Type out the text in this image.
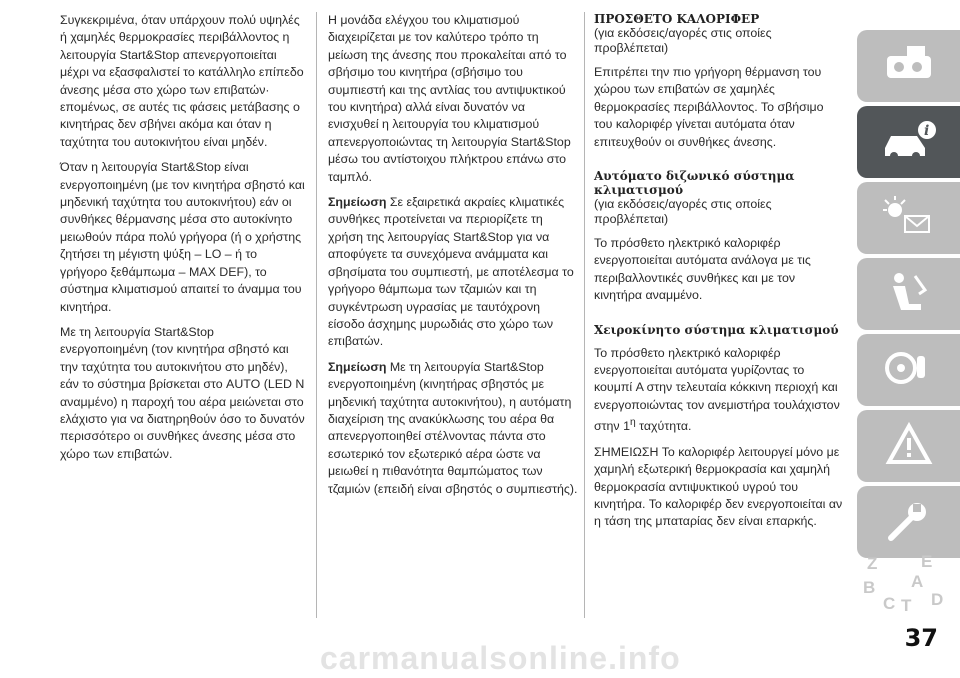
Συγκεκριμένα, όταν υπάρχουν πολύ υψηλές ή χαμηλές θερμοκρασίες περιβάλλοντος η λειτουργία Start&Stop απενεργοποιείται μέχρι να εξασφαλιστεί το κατάλληλο επίπεδο άνεσης μέσα στο χώρο των επιβατών· επομένως, σε αυτές τις φάσεις μετάβασης ο κινητήρας δεν σβήνει ακόμα και όταν η ταχύτητα του αυτοκινήτου είναι μηδέν.

Όταν η λειτουργία Start&Stop είναι ενεργοποιημένη (με τον κινητήρα σβηστό και μηδενική ταχύτητα του αυτοκινήτου) εάν οι συνθήκες θέρμανσης μέσα στο αυτοκίνητο μειωθούν πάρα πολύ γρήγορα (ή ο χρήστης ζητήσει τη μέγιστη ψύξη – LO – ή το γρήγορο ξεθάμπωμα – MAX DEF), το σύστημα κλιματισμού απαιτεί το άναμμα του κινητήρα.

Με τη λειτουργία Start&Stop ενεργοποιημένη (τον κινητήρα σβηστό και την ταχύτητα του αυτοκινήτου στο μηδέν), εάν το σύστημα βρίσκεται στο AUTO (LED N αναμμένο) η παροχή του αέρα μειώνεται στο ελάχιστο για να διατηρηθούν όσο το δυνατόν περισσότερο οι συνθήκες άνεσης μέσα στο χώρο των επιβατών.

Η μονάδα ελέγχου του κλιματισμού διαχειρίζεται με τον καλύτερο τρόπο τη μείωση της άνεσης που προκαλείται από το σβήσιμο του κινητήρα (σβήσιμο του συμπιεστή και της αντλίας του αντιψυκτικού του κινητήρα) αλλά είναι δυνατόν να ενισχυθεί η λειτουργία του κλιματισμού απενεργοποιώντας τη λειτουργία Start&Stop μέσω του αντίστοιχου πλήκτρου επάνω στο ταμπλό.

Σημείωση Σε εξαιρετικά ακραίες κλιματικές συνθήκες προτείνεται να περιορίζετε τη χρήση της λειτουργίας Start&Stop για να αποφύγετε τα συνεχόμενα ανάμματα και σβησίματα του συμπιεστή, με αποτέλεσμα το γρήγορο θάμπωμα των τζαμιών και τη συγκέντρωση υγρασίας με ταυτόχρονη είσοδο άσχημης μυρωδιάς στο χώρο των επιβατών.

Σημείωση Με τη λειτουργία Start&Stop ενεργοποιημένη (κινητήρας σβηστός με μηδενική ταχύτητα αυτοκινήτου), η αυτόματη διαχείριση της ανακύκλωσης του αέρα θα απενεργοποιηθεί στέλνοντας πάντα στο εσωτερικό τον εξωτερικό αέρα ώστε να μειωθεί η πιθανότητα θαμπώματος των τζαμιών (επειδή είναι σβηστός ο συμπιεστής).

ΠΡΟΣΘΕΤΟ ΚΑΛΟΡΙΦΕΡ
(για εκδόσεις/αγορές στις οποίες προβλέπεται)

Επιτρέπει την πιο γρήγορη θέρμανση του χώρου των επιβατών σε χαμηλές θερμοκρασίες περιβάλλοντος. Το σβήσιμο του καλοριφέρ γίνεται αυτόματα όταν επιτευχθούν οι συνθήκες άνεσης.

Αυτόματο διζωνικό σύστημα κλιματισμού
(για εκδόσεις/αγορές στις οποίες προβλέπεται)

Το πρόσθετο ηλεκτρικό καλοριφέρ ενεργοποιείται αυτόματα ανάλογα με τις περιβαλλοντικές συνθήκες και με τον κινητήρα αναμμένο.

Χειροκίνητο σύστημα κλιματισμού

Το πρόσθετο ηλεκτρικό καλοριφέρ ενεργοποιείται αυτόματα γυρίζοντας το κουμπί A στην τελευταία κόκκινη περιοχή και ενεργοποιώντας τον ανεμιστήρα τουλάχιστον στην $1^\eta$ ταχύτητα.

ΣΗΜΕΙΩΣΗ Το καλοριφέρ λειτουργεί μόνο με χαμηλή εξωτερική θερμοκρασία και χαμηλή θερμοκρασία αντιψυκτικού υγρού του κινητήρα. Το καλοριφέρ δεν ενεργοποιείται αν η τάση της μπαταρίας δεν είναι επαρκής.

i
Z
B
C
A
E
D
T
37
carmanualsonline.info
